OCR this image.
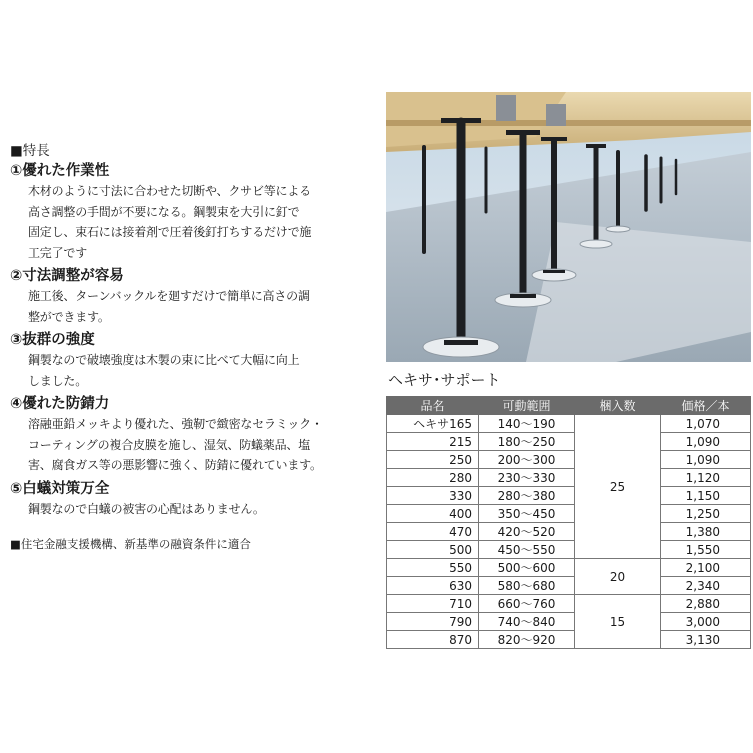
■特長
①優れた作業性
木材のように寸法に合わせた切断や、クサビ等による
高さ調整の手間が不要になる。鋼製束を大引に釘で
固定し、束石には接着剤で圧着後釘打ちするだけで施
工完了です
②寸法調整が容易
施工後、ターンバックルを廻すだけで簡単に高さの調
整ができます。
③抜群の強度
鋼製なので破壊強度は木製の束に比べて大幅に向上
しました。
④優れた防錆力
溶融亜鉛メッキより優れた、強靭で緻密なセラミック・
コーティングの複合皮膜を施し、湿気、防蟻薬品、塩
害、腐食ガス等の悪影響に強く、防錆に優れています。
⑤白蟻対策万全
鋼製なので白蟻の被害の心配はありません。
■住宅金融支援機構、新基準の融資条件に適合
ヘキサ･サポート
品名	可動範囲	梱入数	価格／本
ヘキサ165	140～190	25	1,070
215	180～250		1,090
250	200～300		1,090
280	230～330		1,120
330	280～380		1,150
400	350～450		1,250
470	420～520		1,380
500	450～550		1,550
550	500～600	20	2,100
630	580～680		2,340
710	660～760	15	2,880
790	740～840		3,000
870	820～920		3,130
